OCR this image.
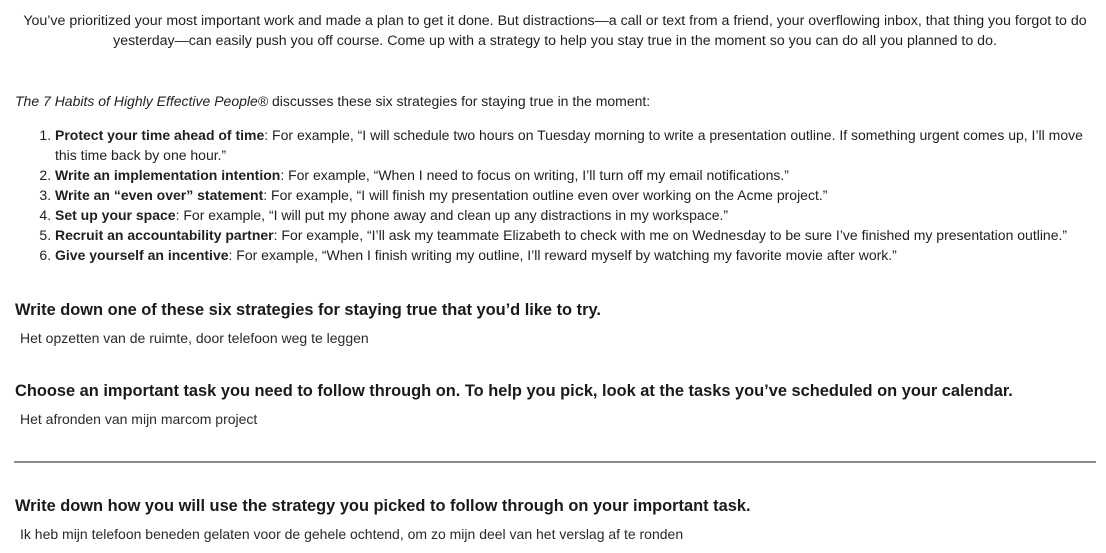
You’ve prioritized your most important work and made a plan to get it done. But distractions—a call or text from a friend, your overflowing inbox, that thing you forgot to do yesterday—can easily push you off course. Come up with a strategy to help you stay true in the moment so you can do all you planned to do.

The 7 Habits of Highly Effective People® discusses these six strategies for staying true in the moment:

1. Protect your time ahead of time: For example, “I will schedule two hours on Tuesday morning to write a presentation outline. If something urgent comes up, I’ll move this time back by one hour.”
2. Write an implementation intention: For example, “When I need to focus on writing, I’ll turn off my email notifications.”
3. Write an “even over” statement: For example, “I will finish my presentation outline even over working on the Acme project.”
4. Set up your space: For example, “I will put my phone away and clean up any distractions in my workspace.”
5. Recruit an accountability partner: For example, “I’ll ask my teammate Elizabeth to check with me on Wednesday to be sure I’ve finished my presentation outline.”
6. Give yourself an incentive: For example, “When I finish writing my outline, I’ll reward myself by watching my favorite movie after work.”

Write down one of these six strategies for staying true that you’d like to try.

Het opzetten van de ruimte, door telefoon weg te leggen

Choose an important task you need to follow through on. To help you pick, look at the tasks you’ve scheduled on your calendar.

Het afronden van mijn marcom project

Write down how you will use the strategy you picked to follow through on your important task.

Ik heb mijn telefoon beneden gelaten voor de gehele ochtend, om zo mijn deel van het verslag af te ronden
